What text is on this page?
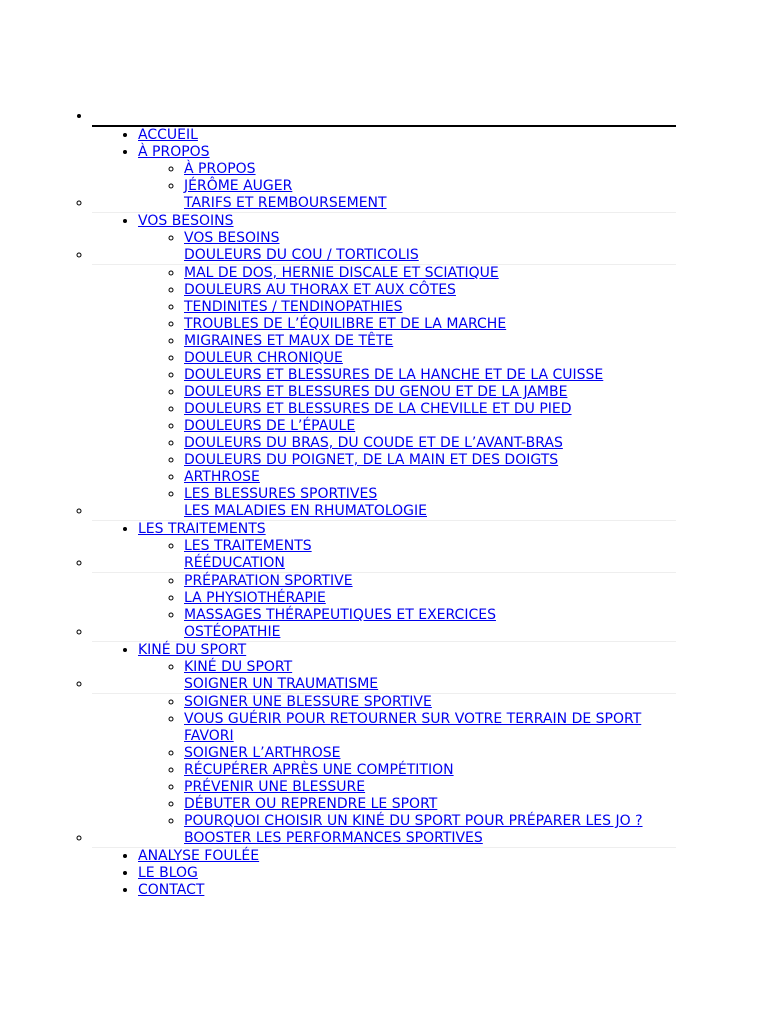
•
• ACCUEIL
• À PROPOS
◦ À PROPOS
◦ JÉRÔME AUGER
◦ TARIFS ET REMBOURSEMENT
• VOS BESOINS
◦ VOS BESOINS
◦ DOULEURS DU COU / TORTICOLIS
◦ MAL DE DOS, HERNIE DISCALE ET SCIATIQUE
◦ DOULEURS AU THORAX ET AUX CÔTES
◦ TENDINITES / TENDINOPATHIES
◦ TROUBLES DE L’ÉQUILIBRE ET DE LA MARCHE
◦ MIGRAINES ET MAUX DE TÊTE
◦ DOULEUR CHRONIQUE
◦ DOULEURS ET BLESSURES DE LA HANCHE ET DE LA CUISSE
◦ DOULEURS ET BLESSURES DU GENOU ET DE LA JAMBE
◦ DOULEURS ET BLESSURES DE LA CHEVILLE ET DU PIED
◦ DOULEURS DE L’ÉPAULE
◦ DOULEURS DU BRAS, DU COUDE ET DE L’AVANT-BRAS
◦ DOULEURS DU POIGNET, DE LA MAIN ET DES DOIGTS
◦ ARTHROSE
◦ LES BLESSURES SPORTIVES
◦ LES MALADIES EN RHUMATOLOGIE
• LES TRAITEMENTS
◦ LES TRAITEMENTS
◦ RÉÉDUCATION
◦ PRÉPARATION SPORTIVE
◦ LA PHYSIOTHÉRAPIE
◦ MASSAGES THÉRAPEUTIQUES ET EXERCICES
◦ OSTÉOPATHIE
• KINÉ DU SPORT
◦ KINÉ DU SPORT
◦ SOIGNER UN TRAUMATISME
◦ SOIGNER UNE BLESSURE SPORTIVE
◦ VOUS GUÉRIR POUR RETOURNER SUR VOTRE TERRAIN DE SPORT FAVORI
◦ SOIGNER L’ARTHROSE
◦ RÉCUPÉRER APRÈS UNE COMPÉTITION
◦ PRÉVENIR UNE BLESSURE
◦ DÉBUTER OU REPRENDRE LE SPORT
◦ POURQUOI CHOISIR UN KINÉ DU SPORT POUR PRÉPARER LES JO ?
◦ BOOSTER LES PERFORMANCES SPORTIVES
• ANALYSE FOULÉE
• LE BLOG
• CONTACT
